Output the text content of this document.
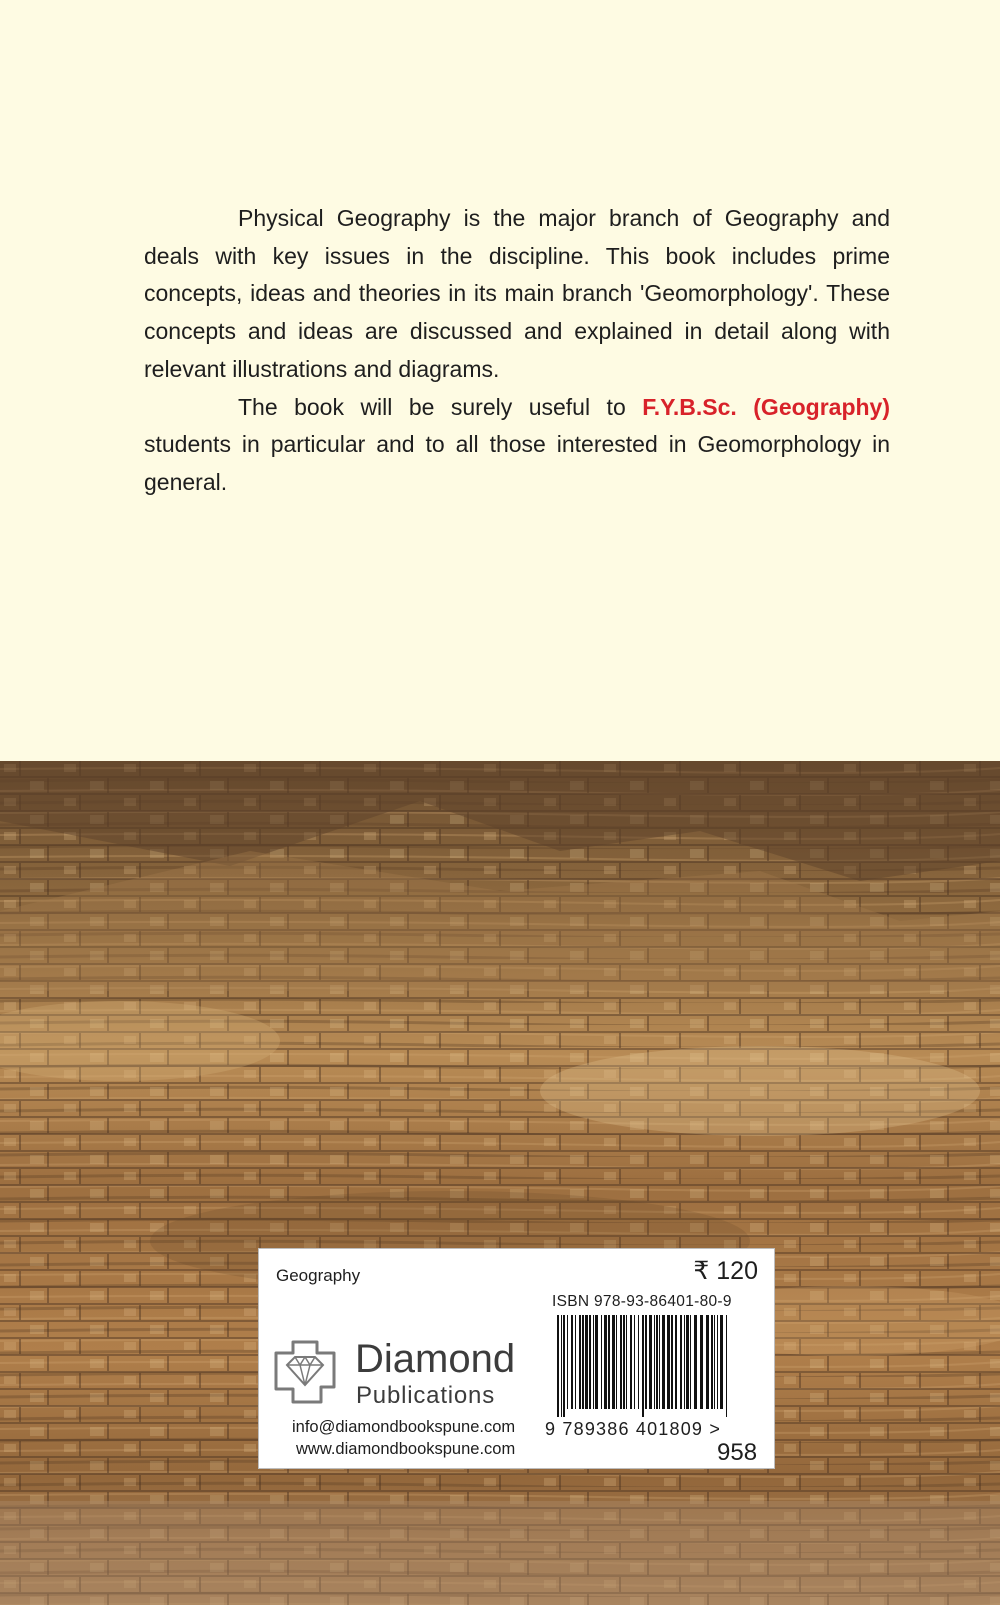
Physical Geography is the major branch of Geography and deals with key issues in the discipline. This book includes prime concepts, ideas and theories in its main branch 'Geomorphology'. These concepts and ideas are discussed and explained in detail along with relevant illustrations and diagrams.

The book will be surely useful to F.Y.B.Sc. (Geography) students in particular and to all those interested in Geomorphology in general.

Geography	₹ 120
ISBN 978-93-86401-80-9
Diamond
Publications
info@diamondbookspune.com
www.diamondbookspune.com
9 789386 401809 >
958
